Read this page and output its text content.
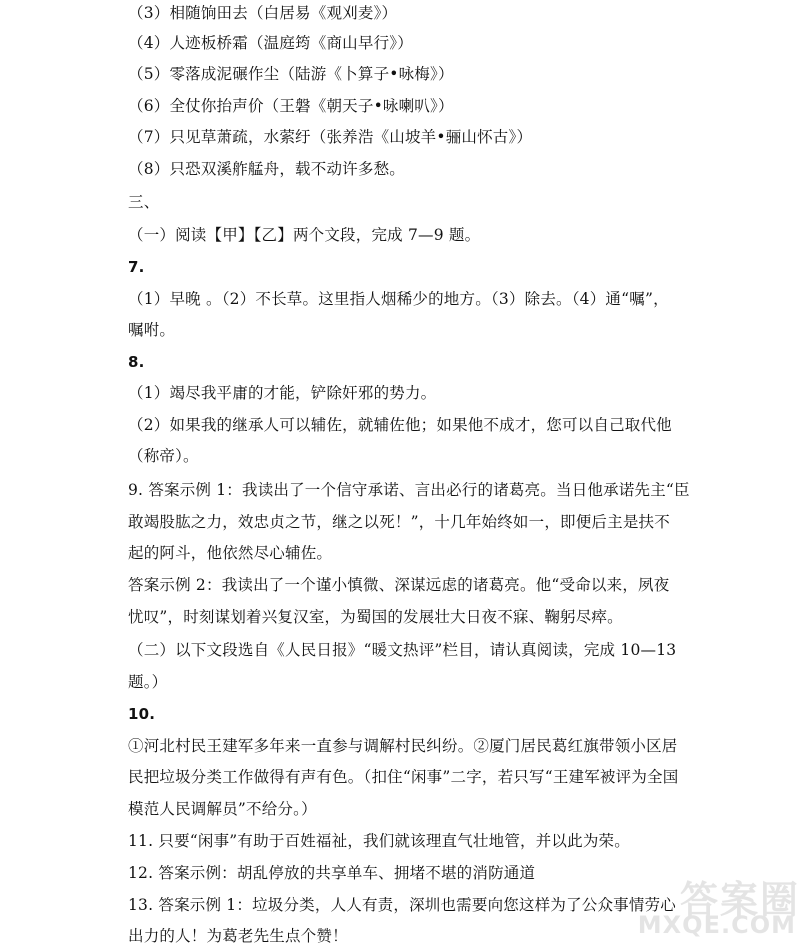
（3）相随饷田去（白居易《观刈麦》）
（4）人迹板桥霜（温庭筠《商山早行》）
（5）零落成泥碾作尘（陆游《卜算子•咏梅》）
（6）全仗你抬声价（王磐《朝天子•咏喇叭》）
（7）只见草萧疏，水萦纡（张养浩《山坡羊•骊山怀古》）
（8）只恐双溪舴艋舟，载不动许多愁。
三、
（一）阅读【甲】【乙】两个文段，完成 7—9 题。
7.
（1）早晚 。（2）不长草。这里指人烟稀少的地方。（3）除去。（4）通“嘱”，
嘱咐。
8.
（1）竭尽我平庸的才能，铲除奸邪的势力。
（2）如果我的继承人可以辅佐，就辅佐他；如果他不成才，您可以自己取代他
（称帝）。
9. 答案示例 1：我读出了一个信守承诺、言出必行的诸葛亮。当日他承诺先主“臣
敢竭股肱之力，效忠贞之节，继之以死！”，十几年始终如一，即便后主是扶不
起的阿斗，他依然尽心辅佐。
答案示例 2：我读出了一个谨小慎微、深谋远虑的诸葛亮。他“受命以来，夙夜
忧叹”，时刻谋划着兴复汉室，为蜀国的发展壮大日夜不寐、鞠躬尽瘁。
（二）以下文段选自《人民日报》“暖文热评”栏目，请认真阅读，完成 10—13
题。）
10.
①河北村民王建军多年来一直参与调解村民纠纷。②厦门居民葛红旗带领小区居
民把垃圾分类工作做得有声有色。（扣住“闲事”二字，若只写“王建军被评为全国
模范人民调解员”不给分。）
11. 只要“闲事”有助于百姓福祉，我们就该理直气壮地管，并以此为荣。
12. 答案示例：胡乱停放的共享单车、拥堵不堪的消防通道
13. 答案示例 1：垃圾分类，人人有责，深圳也需要向您这样为了公众事情劳心
出力的人！为葛老先生点个赞！
答案圈
MXQE.COM
